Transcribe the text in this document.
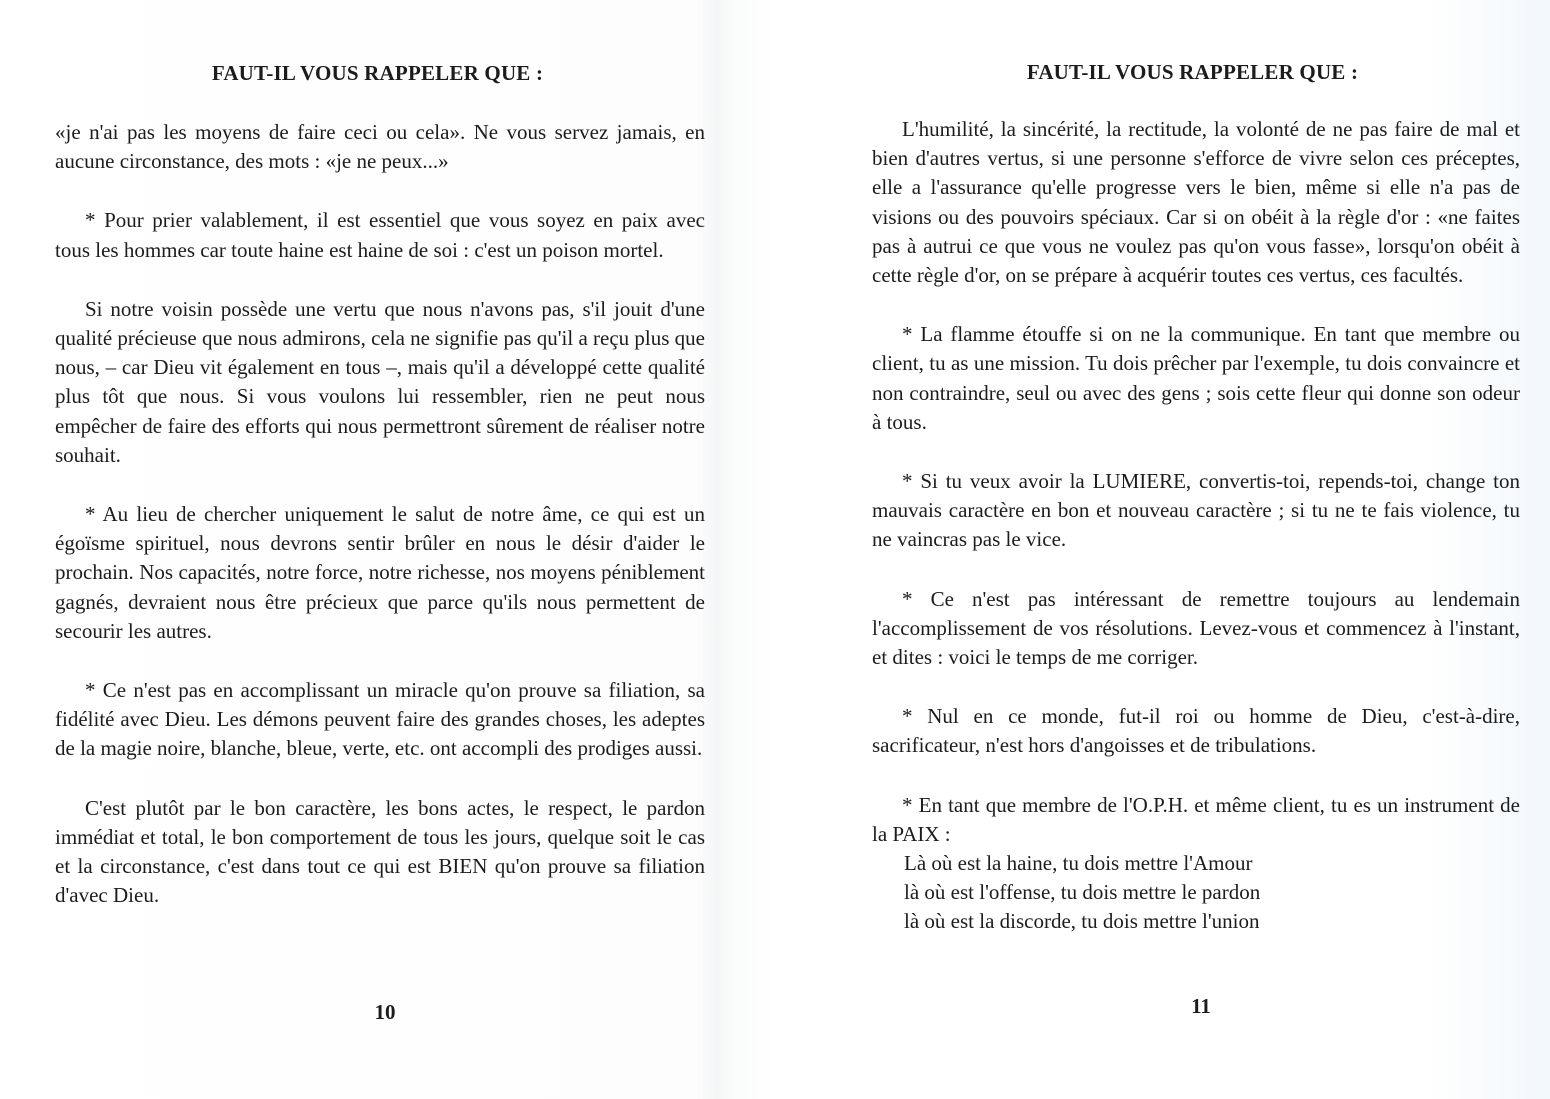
FAUT-IL VOUS RAPPELER QUE :

«je n'ai pas les moyens de faire ceci ou cela». Ne vous servez jamais, en aucune circonstance, des mots : «je ne peux...»

* Pour prier valablement, il est essentiel que vous soyez en paix avec tous les hommes car toute haine est haine de soi : c'est un poison mortel.

Si notre voisin possède une vertu que nous n'avons pas, s'il jouit d'une qualité précieuse que nous admirons, cela ne signifie pas qu'il a reçu plus que nous, – car Dieu vit également en tous –, mais qu'il a développé cette qualité plus tôt que nous. Si vous voulons lui ressembler, rien ne peut nous empêcher de faire des efforts qui nous permettront sûrement de réaliser notre souhait.

* Au lieu de chercher uniquement le salut de notre âme, ce qui est un égoïsme spirituel, nous devrons sentir brûler en nous le désir d'aider le prochain. Nos capacités, notre force, notre richesse, nos moyens péniblement gagnés, devraient nous être précieux que parce qu'ils nous permettent de secourir les autres.

* Ce n'est pas en accomplissant un miracle qu'on prouve sa filiation, sa fidélité avec Dieu. Les démons peuvent faire des grandes choses, les adeptes de la magie noire, blanche, bleue, verte, etc. ont accompli des prodiges aussi.

C'est plutôt par le bon caractère, les bons actes, le respect, le pardon immédiat et total, le bon comportement de tous les jours, quelque soit le cas et la circonstance, c'est dans tout ce qui est BIEN qu'on prouve sa filiation d'avec Dieu.

10
FAUT-IL VOUS RAPPELER QUE :

L'humilité, la sincérité, la rectitude, la volonté de ne pas faire de mal et bien d'autres vertus, si une personne s'efforce de vivre selon ces préceptes, elle a l'assurance qu'elle progresse vers le bien, même si elle n'a pas de visions ou des pouvoirs spéciaux. Car si on obéit à la règle d'or : «ne faites pas à autrui ce que vous ne voulez pas qu'on vous fasse», lorsqu'on obéit à cette règle d'or, on se prépare à acquérir toutes ces vertus, ces facultés.

* La flamme étouffe si on ne la communique. En tant que membre ou client, tu as une mission. Tu dois prêcher par l'exemple, tu dois convaincre et non contraindre, seul ou avec des gens ; sois cette fleur qui donne son odeur à tous.

* Si tu veux avoir la LUMIERE, convertis-toi, repends-toi, change ton mauvais caractère en bon et nouveau caractère ; si tu ne te fais violence, tu ne vaincras pas le vice.

* Ce n'est pas intéressant de remettre toujours au lendemain l'accomplissement de vos résolutions. Levez-vous et commencez à l'instant, et dites : voici le temps de me corriger.

* Nul en ce monde, fut-il roi ou homme de Dieu, c'est-à-dire, sacrificateur, n'est hors d'angoisses et de tribulations.

* En tant que membre de l'O.P.H. et même client, tu es un instrument de la PAIX :

Là où est la haine, tu dois mettre l'Amour
là où est l'offense, tu dois mettre le pardon
là où est la discorde, tu dois mettre l'union
11
